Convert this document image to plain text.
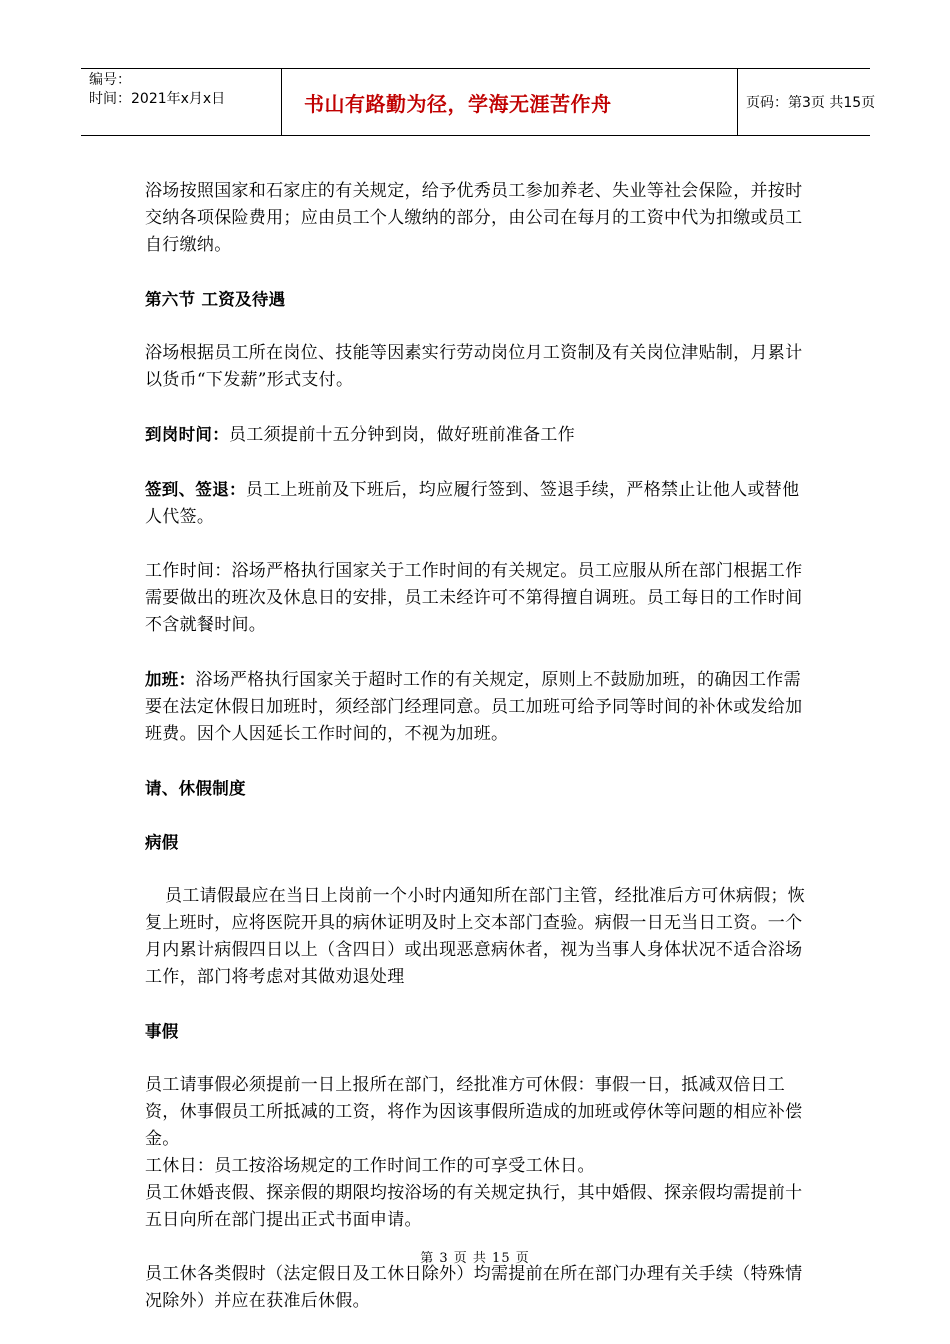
编号：
时间：2021年x月x日	书山有路勤为径，学海无涯苦作舟	页码：第3页 共15页

浴场按照国家和石家庄的有关规定，给予优秀员工参加养老、失业等社会保险，并按时交纳各项保险费用；应由员工个人缴纳的部分，由公司在每月的工资中代为扣缴或员工自行缴纳。

第六节 工资及待遇

浴场根据员工所在岗位、技能等因素实行劳动岗位月工资制及有关岗位津贴制，月累计以货币“下发薪”形式支付。

到岗时间：员工须提前十五分钟到岗，做好班前准备工作

签到、签退：员工上班前及下班后，均应履行签到、签退手续，严格禁止让他人或替他人代签。

工作时间：浴场严格执行国家关于工作时间的有关规定。员工应服从所在部门根据工作需要做出的班次及休息日的安排，员工未经许可不第得擅自调班。员工每日的工作时间不含就餐时间。

加班：浴场严格执行国家关于超时工作的有关规定，原则上不鼓励加班，的确因工作需要在法定休假日加班时，须经部门经理同意。员工加班可给予同等时间的补休或发给加班费。因个人因延长工作时间的，不视为加班。

请、休假制度

病假

员工请假最应在当日上岗前一个小时内通知所在部门主管，经批准后方可休病假；恢复上班时，应将医院开具的病休证明及时上交本部门查验。病假一日无当日工资。一个月内累计病假四日以上（含四日）或出现恶意病休者，视为当事人身体状况不适合浴场工作，部门将考虑对其做劝退处理

事假

员工请事假必须提前一日上报所在部门，经批准方可休假：事假一日，抵减双倍日工资，休事假员工所抵减的工资，将作为因该事假所造成的加班或停休等问题的相应补偿金。

工休日：员工按浴场规定的工作时间工作的可享受工休日。

员工休婚丧假、探亲假的期限均按浴场的有关规定执行，其中婚假、探亲假均需提前十五日向所在部门提出正式书面申请。

员工休各类假时（法定假日及工休日除外）均需提前在所在部门办理有关手续（特殊情况除外）并应在获准后休假。

第 3 页 共 15 页
